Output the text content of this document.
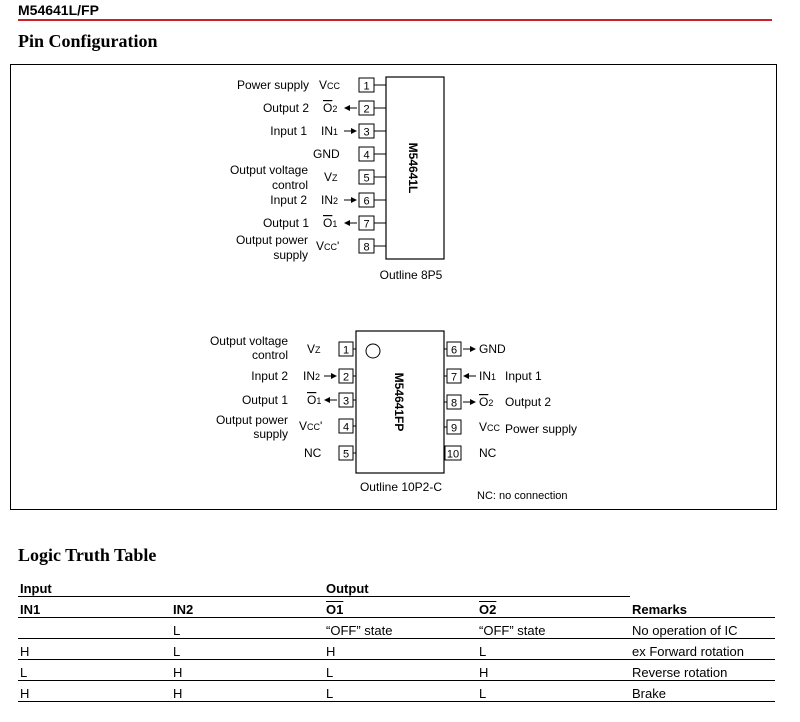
M54641L/FP
Pin Configuration
M54641L
1
VCC
Power supply
2
O2
Output 2
3
IN1
Input 1
4
GND
5
VZ
Output voltage
control
6
IN2
Input 2
7
O1
Output 1
8
VCC'
Output power
supply
Outline 8P5
M54641FP
1
VZ
Output voltage
control
2
IN2
Input 2
3
O1
Output 1
4
VCC'
Output power
supply
5
NC
6 GND
7 IN1 Input 1
8 O2 Output 2
9 VCC Power supply
10 NC
Outline 10P2-C
NC: no connection
Logic Truth Table
Input		Output		
IN1	IN2	O1	O2	Remarks
	L	“OFF” state	“OFF” state	No operation of IC
H	L	H	L	ex Forward rotation
L	H	L	H	Reverse rotation
H	H	L	L	Brake
